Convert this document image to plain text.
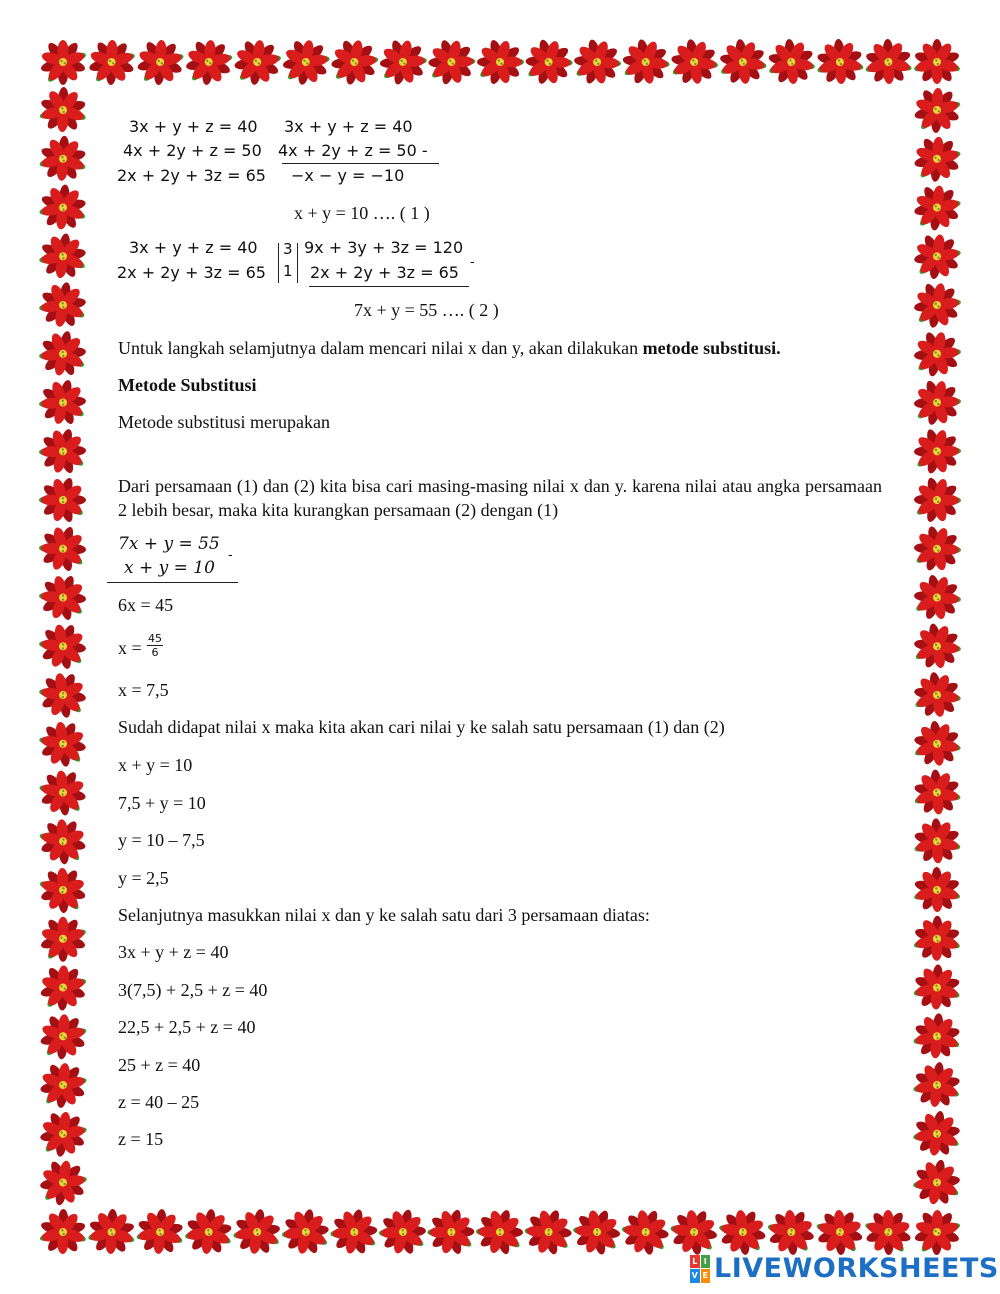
3x + y + z = 40
4x + 2y + z = 50
2x + 2y + 3z = 65
3x + y + z = 40
4x + 2y + z = 50 -
−x − y = −10
x + y = 10 …. ( 1 )
3x + y + z = 40
2x + 2y + 3z = 65
3
1
9x + 3y + 3z = 120
2x + 2y + 3z = 65
-
7x + y = 55 …. ( 2 )
Untuk langkah selamjutnya dalam mencari nilai x dan y, akan dilakukan metode substitusi.
Metode Substitusi
Metode substitusi merupakan
Dari persamaan (1) dan (2) kita bisa cari masing-masing nilai x dan y. karena nilai atau angka persamaan 2 lebih besar, maka kita kurangkan persamaan (2) dengan (1)
7x + y = 55
x + y = 10
-
6x = 45
$x = \frac{45}{6}$
x = 7,5
Sudah didapat nilai x maka kita akan cari nilai y ke salah satu persamaan (1) dan (2)
x + y = 10
7,5 + y = 10
y = 10 – 7,5
y = 2,5
Selanjutnya masukkan nilai x dan y ke salah satu dari 3 persamaan diatas:
3x + y + z = 40
3(7,5) + 2,5 + z = 40
22,5 + 2,5 + z = 40
25 + z = 40
z = 40 – 25
z = 15
L I
V E LIVEWORKSHEETS
